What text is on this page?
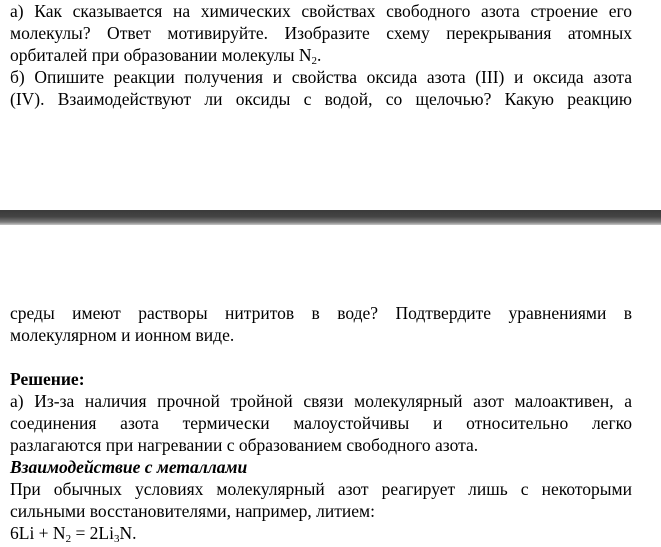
а) Как сказывается на химических свойствах свободного азота строение его
молекулы? Ответ мотивируйте. Изобразите схему перекрывания атомных
орбиталей при образовании молекулы $N_2$.
б) Опишите реакции получения и свойства оксида азота (III) и оксида азота
(IV). Взаимодействуют ли оксиды с водой, со щелочью? Какую реакцию
среды имеют растворы нитритов в воде? Подтвердите уравнениями в
молекулярном и ионном виде.
Решение:
а) Из-за наличия прочной тройной связи молекулярный азот малоактивен, а
соединения азота термически малоустойчивы и относительно легко
разлагаются при нагревании с образованием свободного азота.
Взаимодействие с металлами
При обычных условиях молекулярный азот реагирует лишь с некоторыми
сильными восстановителями, например, литием:
$6Li + N_2 = 2Li_3N$.
